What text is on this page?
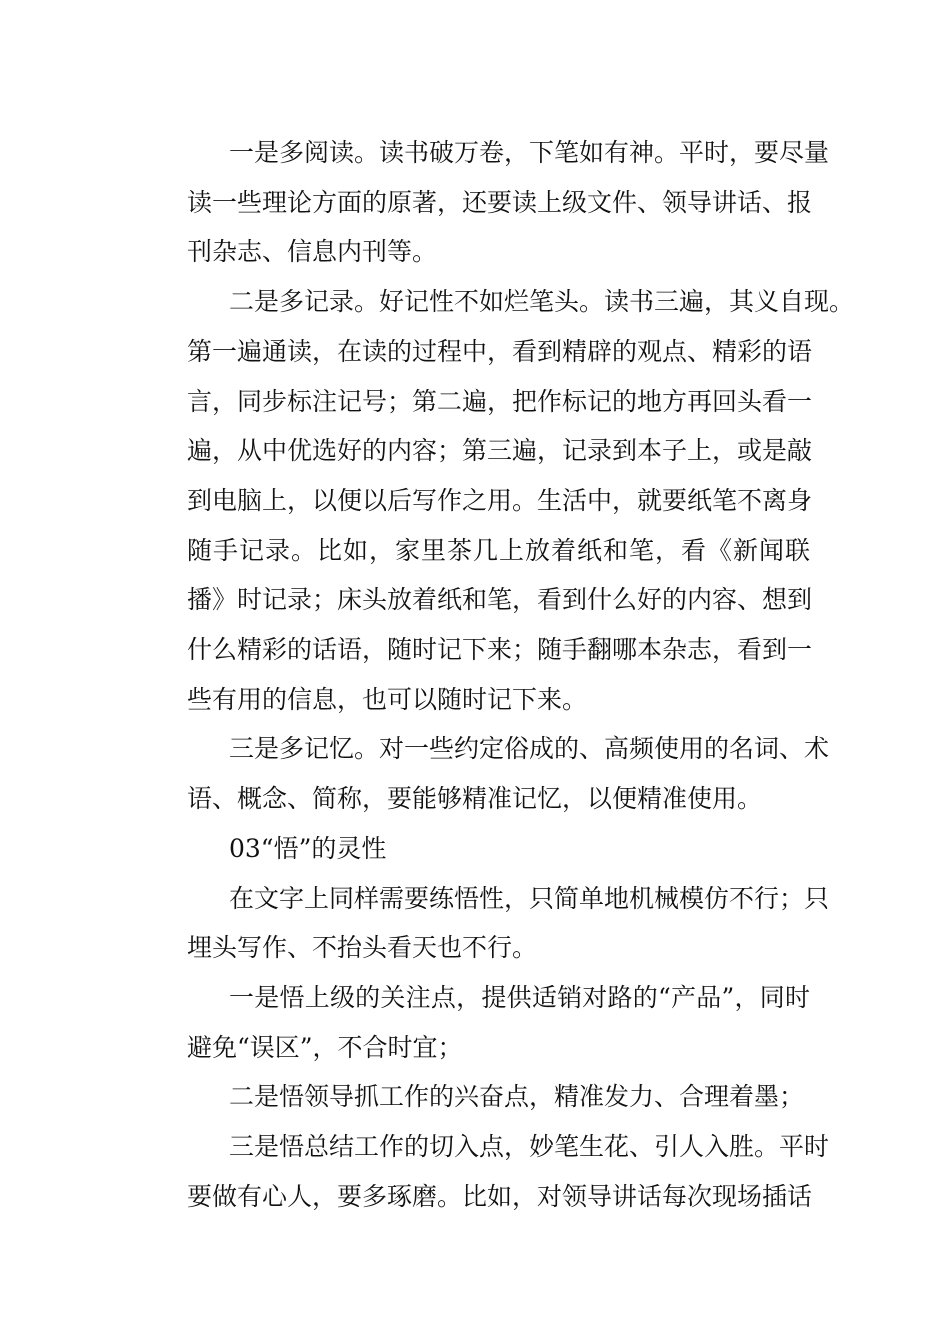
一是多阅读。读书破万卷，下笔如有神。平时，要尽量
读一些理论方面的原著，还要读上级文件、领导讲话、报
刊杂志、信息内刊等。
二是多记录。好记性不如烂笔头。读书三遍，其义自现。
第一遍通读，在读的过程中，看到精辟的观点、精彩的语
言，同步标注记号；第二遍，把作标记的地方再回头看一
遍，从中优选好的内容；第三遍，记录到本子上，或是敲
到电脑上，以便以后写作之用。生活中，就要纸笔不离身
随手记录。比如，家里茶几上放着纸和笔，看《新闻联
播》时记录；床头放着纸和笔，看到什么好的内容、想到
什么精彩的话语，随时记下来；随手翻哪本杂志，看到一
些有用的信息，也可以随时记下来。
三是多记忆。对一些约定俗成的、高频使用的名词、术
语、概念、简称，要能够精准记忆，以便精准使用。
03“悟”的灵性
在文字上同样需要练悟性，只简单地机械模仿不行；只
埋头写作、不抬头看天也不行。
一是悟上级的关注点，提供适销对路的“产品”，同时
避免“误区”，不合时宜；
二是悟领导抓工作的兴奋点，精准发力、合理着墨；
三是悟总结工作的切入点，妙笔生花、引人入胜。平时
要做有心人，要多琢磨。比如，对领导讲话每次现场插话
